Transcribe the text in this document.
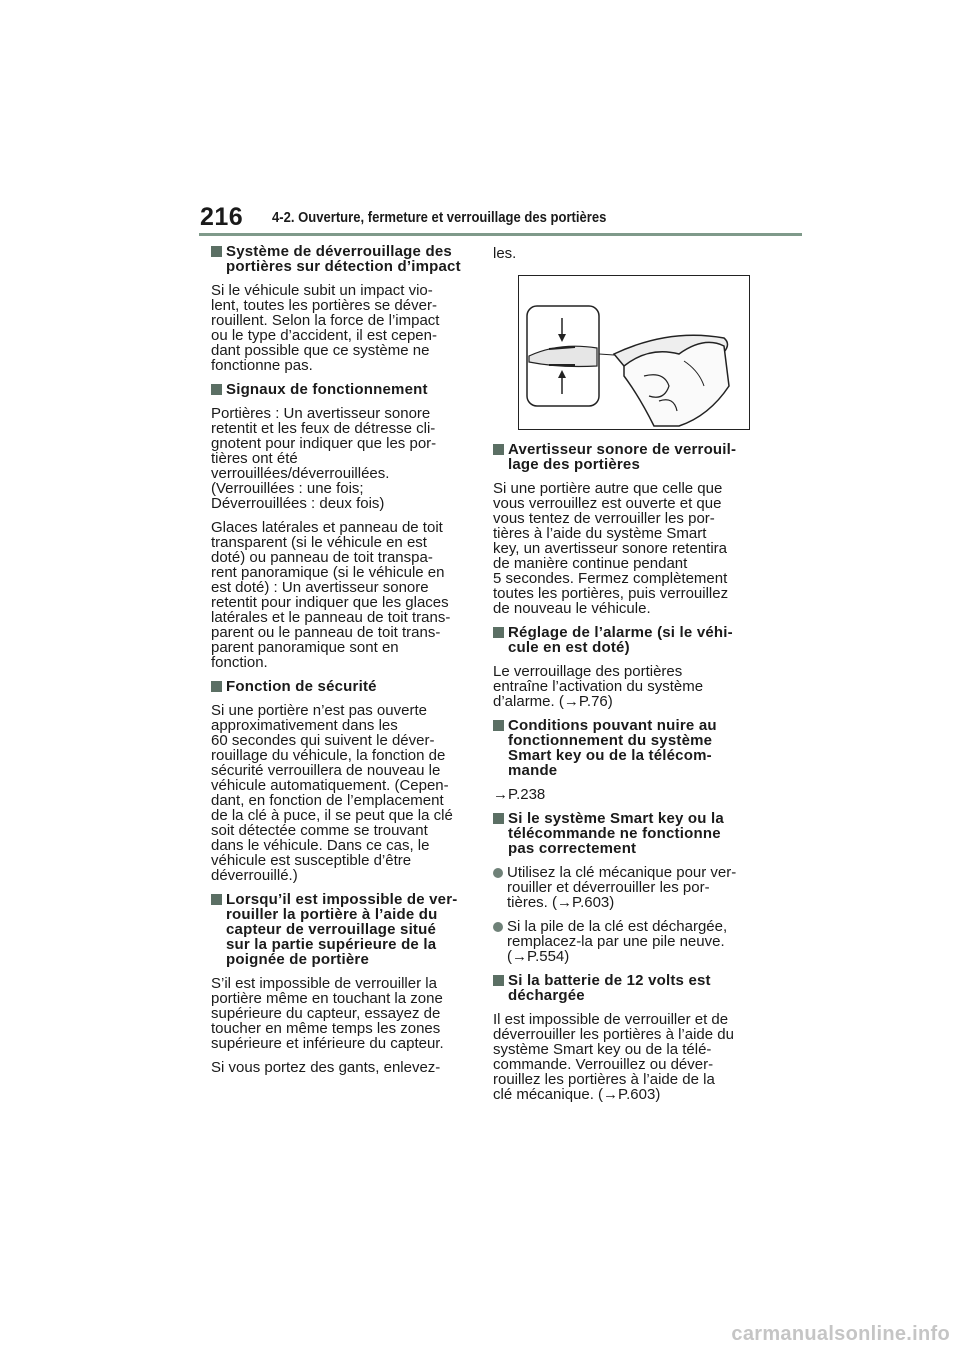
216 4-2. Ouverture, fermeture et verrouillage des portières
Système de déverrouillage des
portières sur détection d’impact

Si le véhicule subit un impact vio-
lent, toutes les portières se déver-
rouillent. Selon la force de l’impact
ou le type d’accident, il est cepen-
dant possible que ce système ne
fonctionne pas.

Signaux de fonctionnement

Portières : Un avertisseur sonore
retentit et les feux de détresse cli-
gnotent pour indiquer que les por-
tières ont été
verrouillées/déverrouillées.
(Verrouillées : une fois;
Déverrouillées : deux fois)

Glaces latérales et panneau de toit
transparent (si le véhicule en est
doté) ou panneau de toit transpa-
rent panoramique (si le véhicule en
est doté) : Un avertisseur sonore
retentit pour indiquer que les glaces
latérales et le panneau de toit trans-
parent ou le panneau de toit trans-
parent panoramique sont en
fonction.

Fonction de sécurité

Si une portière n’est pas ouverte
approximativement dans les
60 secondes qui suivent le déver-
rouillage du véhicule, la fonction de
sécurité verrouillera de nouveau le
véhicule automatiquement. (Cepen-
dant, en fonction de l’emplacement
de la clé à puce, il se peut que la clé
soit détectée comme se trouvant
dans le véhicule. Dans ce cas, le
véhicule est susceptible d’être
déverrouillé.)

Lorsqu’il est impossible de ver-
rouiller la portière à l’aide du
capteur de verrouillage situé
sur la partie supérieure de la
poignée de portière

S’il est impossible de verrouiller la
portière même en touchant la zone
supérieure du capteur, essayez de
toucher en même temps les zones
supérieure et inférieure du capteur.

Si vous portez des gants, enlevez-

les.

Avertisseur sonore de verrouil-
lage des portières

Si une portière autre que celle que
vous verrouillez est ouverte et que
vous tentez de verrouiller les por-
tières à l’aide du système Smart
key, un avertisseur sonore retentira
de manière continue pendant
5 secondes. Fermez complètement
toutes les portières, puis verrouillez
de nouveau le véhicule.

Réglage de l’alarme (si le véhi-
cule en est doté)

Le verrouillage des portières
entraîne l’activation du système
d’alarme. (→P.76)

Conditions pouvant nuire au
fonctionnement du système
Smart key ou de la télécom-
mande

→P.238

Si le système Smart key ou la
télécommande ne fonctionne
pas correctement
Utilisez la clé mécanique pour ver-
rouiller et déverrouiller les por-
tières. (→P.603)
Si la pile de la clé est déchargée,
remplacez-la par une pile neuve.
(→P.554)
Si la batterie de 12 volts est
déchargée

Il est impossible de verrouiller et de
déverrouiller les portières à l’aide du
système Smart key ou de la télé-
commande. Verrouillez ou déver-
rouillez les portières à l’aide de la
clé mécanique. (→P.603)

carmanualsonline.info
